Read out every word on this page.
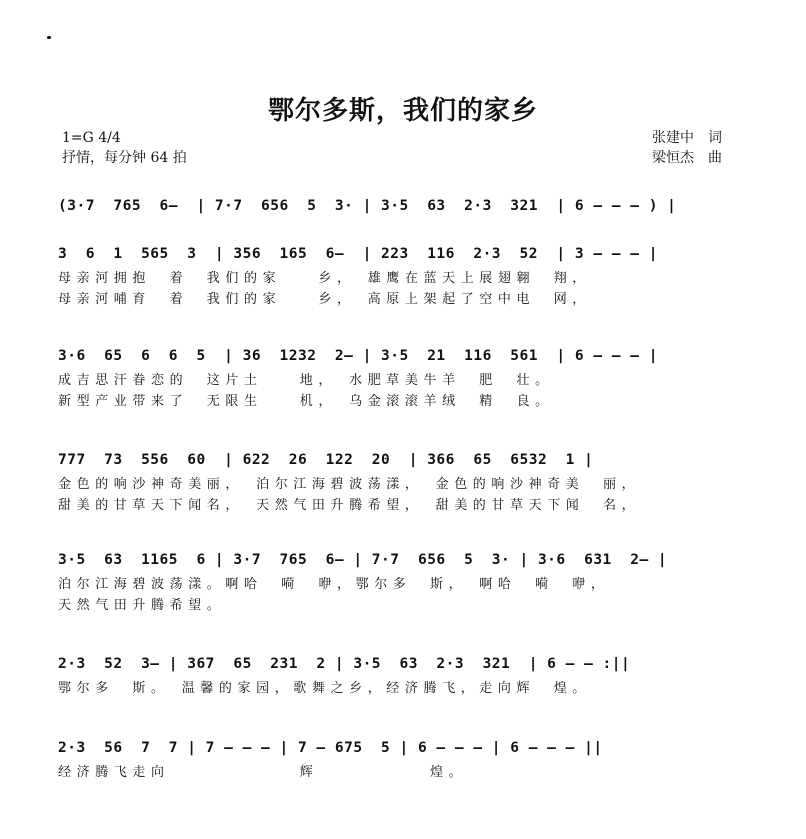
鄂尔多斯，我们的家乡
1=G 4/4
抒情，每分钟 64 拍
张建中　词
梁恒杰　曲
(3·7  765  6—  | 7·7  656  5  3· | 3·5  63  2·3  321  | 6 — — — ) |
3  6  1  565  3  | 356  165  6—  | 223  116  2·3  52  | 3 — — — |
母亲河拥抱　着　我们的家　　乡，　雄鹰在蓝天上展翅翱　翔，
母亲河哺育　着　我们的家　　乡，　高原上架起了空中电　网，
3·6  65  6  6  5  | 36  1232  2— | 3·5  21  116  561  | 6 — — — |
成吉思汗眷恋的　这片土　　地，　水肥草美牛羊　肥　壮。
新型产业带来了　无限生　　机，　乌金滚滚羊绒　精　良。
777  73  556  60  | 622  26  122  20  | 366  65  6532  1 |
金色的响沙神奇美丽，　泊尔江海碧波荡漾，　金色的响沙神奇美　丽，
甜美的甘草天下闻名，　天然气田升腾希望，　甜美的甘草天下闻　名，
3·5  63  1165  6 | 3·7  765  6— | 7·7  656  5  3· | 3·6  631  2— |
泊尔江海碧波荡漾。啊哈　嗬　咿，鄂尔多　斯，　啊哈　嗬　咿，
天然气田升腾希望。
2·3  52  3— | 367  65  231  2 | 3·5  63  2·3  321  | 6 — — :||
鄂尔多　斯。　温馨的家园，歌舞之乡，经济腾飞，走向辉　煌。
2·3  56  7  7 | 7 — — — | 7 — 675  5 | 6 — — — | 6 — — — ||
经济腾飞走向　　　　　　　辉　　　　　　煌。
